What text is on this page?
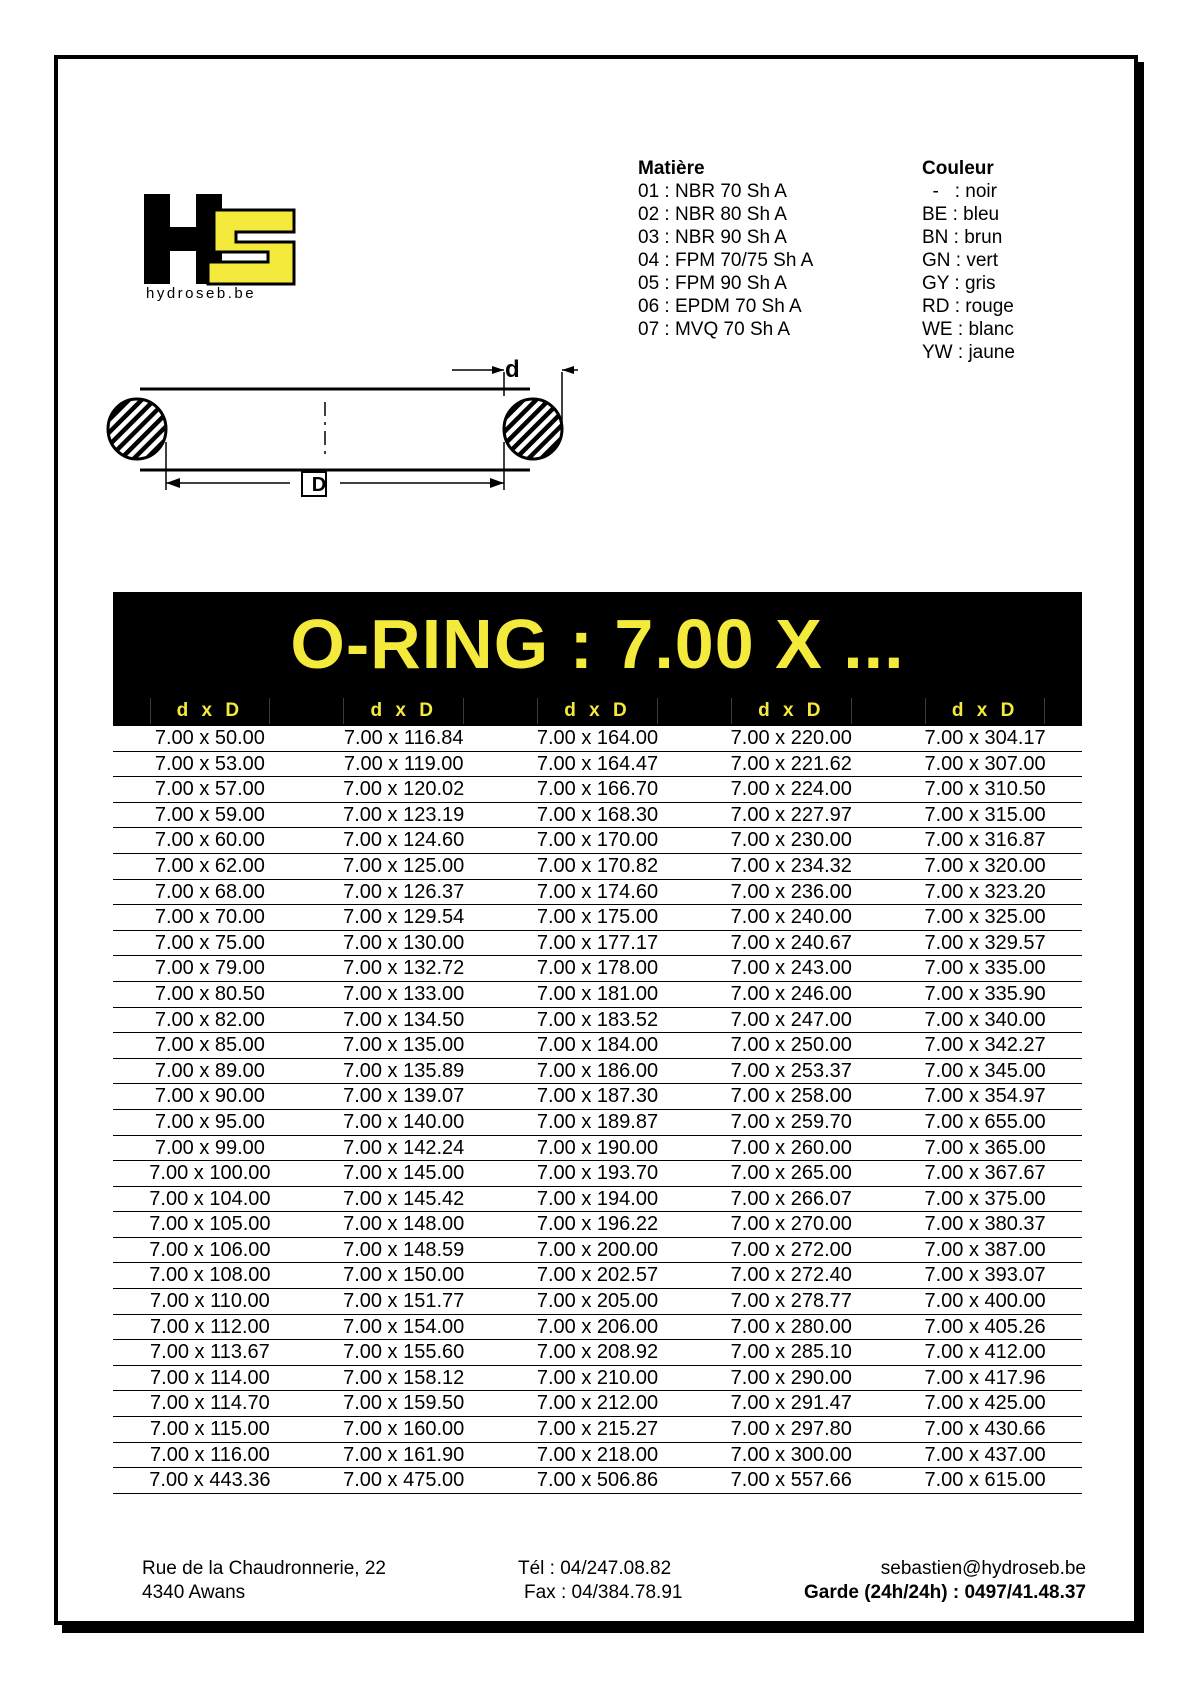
hydroseb.be
Matière
01 : NBR 70 Sh A
02 : NBR 80 Sh A
03 : NBR 90 Sh A
04 : FPM 70/75 Sh A
05 : FPM 90 Sh A
06 : EPDM 70 Sh A
07 : MVQ 70 Sh A
Couleur
-   : noir
BE : bleu
BN : brun
GN : vert
GY : gris
RD : rouge
WE : blanc
YW : jaune
d
D
O-RING : 7.00 X ...
d x D	d x D	d x D	d x D	d x D
7.00 x 50.00	7.00 x 116.84	7.00 x 164.00	7.00 x 220.00	7.00 x 304.17
7.00 x 53.00	7.00 x 119.00	7.00 x 164.47	7.00 x 221.62	7.00 x 307.00
7.00 x 57.00	7.00 x 120.02	7.00 x 166.70	7.00 x 224.00	7.00 x 310.50
7.00 x 59.00	7.00 x 123.19	7.00 x 168.30	7.00 x 227.97	7.00 x 315.00
7.00 x 60.00	7.00 x 124.60	7.00 x 170.00	7.00 x 230.00	7.00 x 316.87
7.00 x 62.00	7.00 x 125.00	7.00 x 170.82	7.00 x 234.32	7.00 x 320.00
7.00 x 68.00	7.00 x 126.37	7.00 x 174.60	7.00 x 236.00	7.00 x 323.20
7.00 x 70.00	7.00 x 129.54	7.00 x 175.00	7.00 x 240.00	7.00 x 325.00
7.00 x 75.00	7.00 x 130.00	7.00 x 177.17	7.00 x 240.67	7.00 x 329.57
7.00 x 79.00	7.00 x 132.72	7.00 x 178.00	7.00 x 243.00	7.00 x 335.00
7.00 x 80.50	7.00 x 133.00	7.00 x 181.00	7.00 x 246.00	7.00 x 335.90
7.00 x 82.00	7.00 x 134.50	7.00 x 183.52	7.00 x 247.00	7.00 x 340.00
7.00 x 85.00	7.00 x 135.00	7.00 x 184.00	7.00 x 250.00	7.00 x 342.27
7.00 x 89.00	7.00 x 135.89	7.00 x 186.00	7.00 x 253.37	7.00 x 345.00
7.00 x 90.00	7.00 x 139.07	7.00 x 187.30	7.00 x 258.00	7.00 x 354.97
7.00 x 95.00	7.00 x 140.00	7.00 x 189.87	7.00 x 259.70	7.00 x 655.00
7.00 x 99.00	7.00 x 142.24	7.00 x 190.00	7.00 x 260.00	7.00 x 365.00
7.00 x 100.00	7.00 x 145.00	7.00 x 193.70	7.00 x 265.00	7.00 x 367.67
7.00 x 104.00	7.00 x 145.42	7.00 x 194.00	7.00 x 266.07	7.00 x 375.00
7.00 x 105.00	7.00 x 148.00	7.00 x 196.22	7.00 x 270.00	7.00 x 380.37
7.00 x 106.00	7.00 x 148.59	7.00 x 200.00	7.00 x 272.00	7.00 x 387.00
7.00 x 108.00	7.00 x 150.00	7.00 x 202.57	7.00 x 272.40	7.00 x 393.07
7.00 x 110.00	7.00 x 151.77	7.00 x 205.00	7.00 x 278.77	7.00 x 400.00
7.00 x 112.00	7.00 x 154.00	7.00 x 206.00	7.00 x 280.00	7.00 x 405.26
7.00 x 113.67	7.00 x 155.60	7.00 x 208.92	7.00 x 285.10	7.00 x 412.00
7.00 x 114.00	7.00 x 158.12	7.00 x 210.00	7.00 x 290.00	7.00 x 417.96
7.00 x 114.70	7.00 x 159.50	7.00 x 212.00	7.00 x 291.47	7.00 x 425.00
7.00 x 115.00	7.00 x 160.00	7.00 x 215.27	7.00 x 297.80	7.00 x 430.66
7.00 x 116.00	7.00 x 161.90	7.00 x 218.00	7.00 x 300.00	7.00 x 437.00
7.00 x 443.36	7.00 x 475.00	7.00 x 506.86	7.00 x 557.66	7.00 x 615.00
Rue de la Chaudronnerie, 22
4340 Awans
Tél : 04/247.08.82
Fax : 04/384.78.91
sebastien@hydroseb.be
Garde (24h/24h) : 0497/41.48.37
